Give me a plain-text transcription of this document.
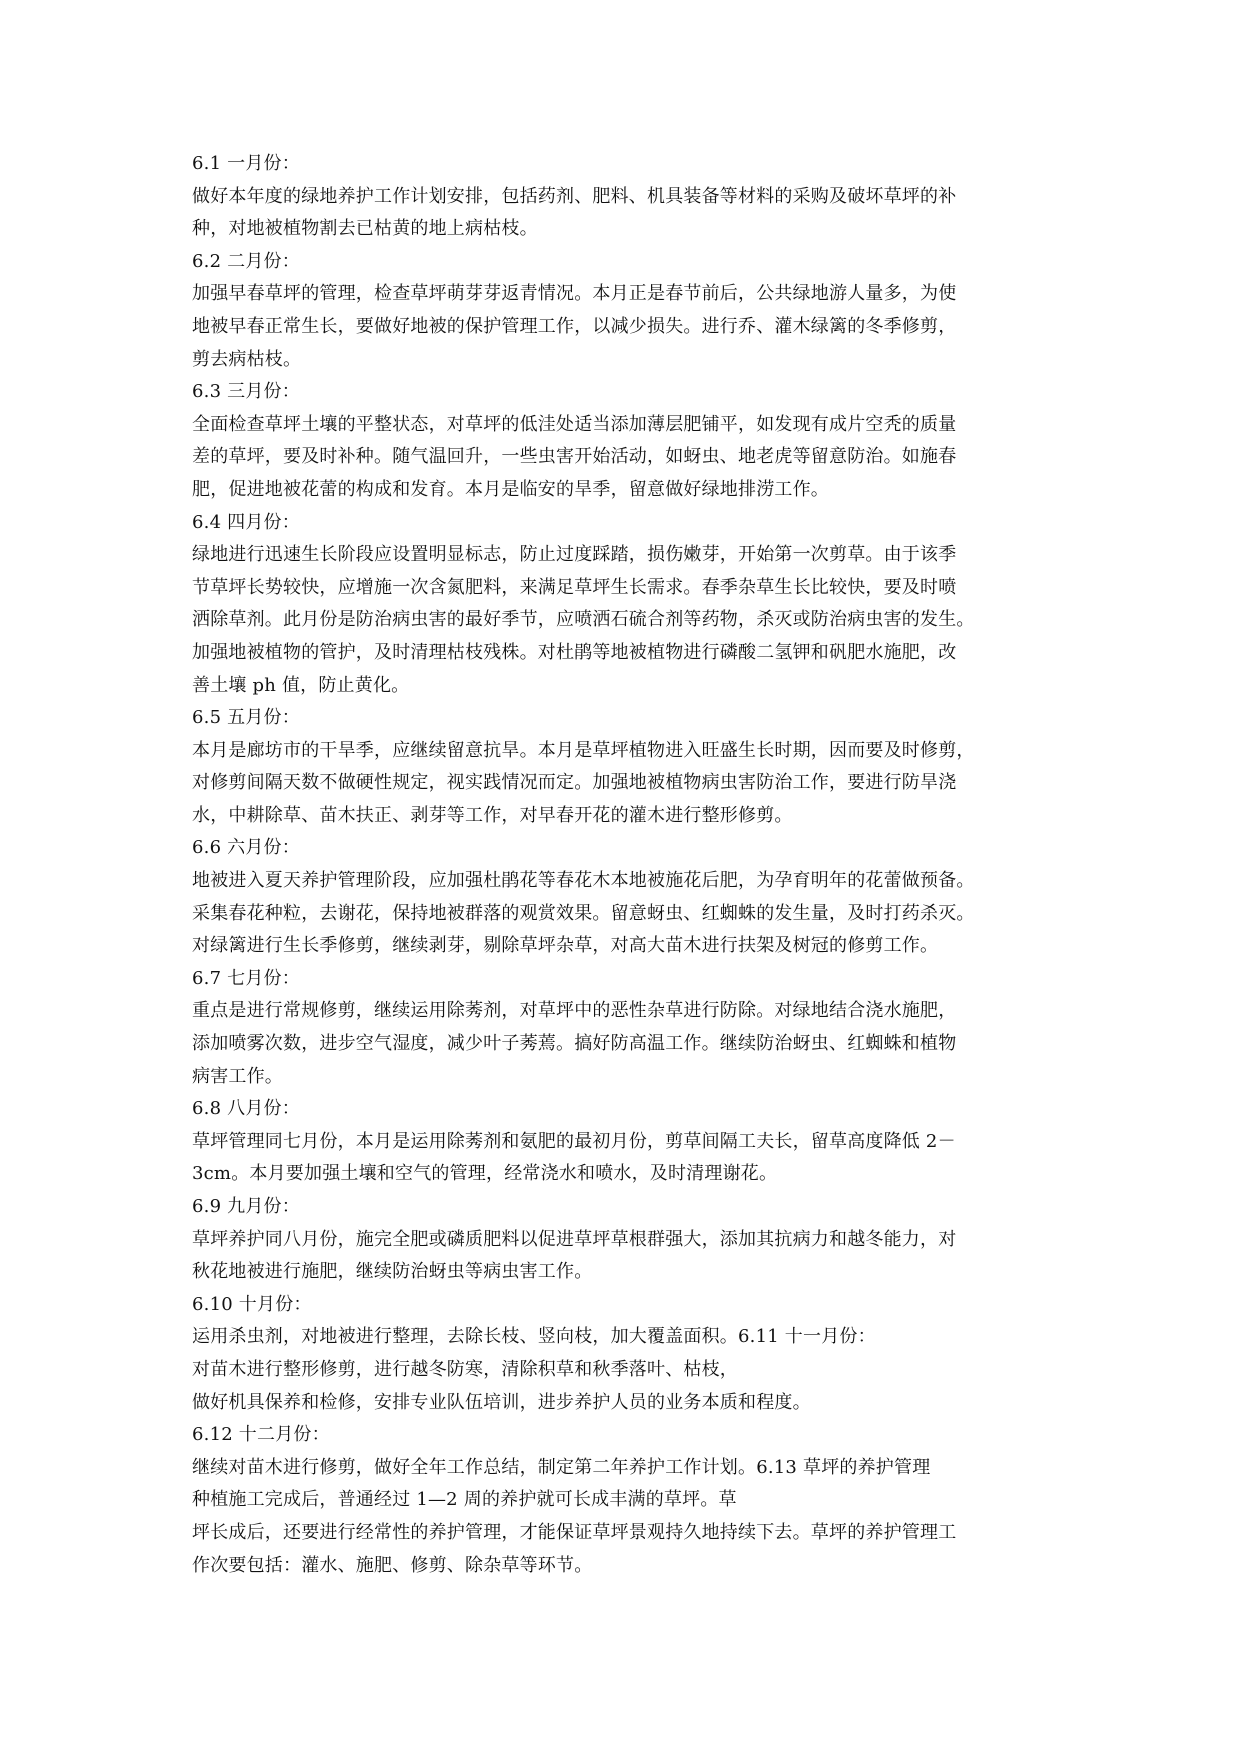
6.1 一月份：
做好本年度的绿地养护工作计划安排，包括药剂、肥料、机具装备等材料的采购及破坏草坪的补
种，对地被植物割去已枯黄的地上病枯枝。
6.2 二月份：
加强早春草坪的管理，检查草坪萌芽芽返青情况。本月正是春节前后，公共绿地游人量多，为使
地被早春正常生长，要做好地被的保护管理工作，以减少损失。进行乔、灌木绿篱的冬季修剪，
剪去病枯枝。
6.3 三月份：
全面检查草坪土壤的平整状态，对草坪的低洼处适当添加薄层肥铺平，如发现有成片空秃的质量
差的草坪，要及时补种。随气温回升，一些虫害开始活动，如蚜虫、地老虎等留意防治。如施春
肥，促进地被花蕾的构成和发育。本月是临安的旱季，留意做好绿地排涝工作。
6.4 四月份：
绿地进行迅速生长阶段应设置明显标志，防止过度踩踏，损伤嫩芽，开始第一次剪草。由于该季
节草坪长势较快，应增施一次含氮肥料，来满足草坪生长需求。春季杂草生长比较快，要及时喷
洒除草剂。此月份是防治病虫害的最好季节，应喷洒石硫合剂等药物，杀灭或防治病虫害的发生。
加强地被植物的管护，及时清理枯枝残株。对杜鹃等地被植物进行磷酸二氢钾和矾肥水施肥，改
善土壤 ph 值，防止黄化。
6.5 五月份：
本月是廊坊市的干旱季，应继续留意抗旱。本月是草坪植物进入旺盛生长时期，因而要及时修剪，
对修剪间隔天数不做硬性规定，视实践情况而定。加强地被植物病虫害防治工作，要进行防旱浇
水，中耕除草、苗木扶正、剥芽等工作，对早春开花的灌木进行整形修剪。
6.6 六月份：
地被进入夏天养护管理阶段，应加强杜鹃花等春花木本地被施花后肥，为孕育明年的花蕾做预备。
采集春花种粒，去谢花，保持地被群落的观赏效果。留意蚜虫、红蜘蛛的发生量，及时打药杀灭。
对绿篱进行生长季修剪，继续剥芽，剔除草坪杂草，对高大苗木进行扶架及树冠的修剪工作。
6.7 七月份：
重点是进行常规修剪，继续运用除莠剂，对草坪中的恶性杂草进行防除。对绿地结合浇水施肥，
添加喷雾次数，进步空气湿度，减少叶子莠蔫。搞好防高温工作。继续防治蚜虫、红蜘蛛和植物
病害工作。
6.8 八月份：
草坪管理同七月份，本月是运用除莠剂和氨肥的最初月份，剪草间隔工夫长，留草高度降低 2－
3cm。本月要加强土壤和空气的管理，经常浇水和喷水，及时清理谢花。
6.9 九月份：
草坪养护同八月份，施完全肥或磷质肥料以促进草坪草根群强大，添加其抗病力和越冬能力，对
秋花地被进行施肥，继续防治蚜虫等病虫害工作。
6.10 十月份：
运用杀虫剂，对地被进行整理，去除长枝、竖向枝，加大覆盖面积。6.11 十一月份：
对苗木进行整形修剪，进行越冬防寒，清除积草和秋季落叶、枯枝，
做好机具保养和检修，安排专业队伍培训，进步养护人员的业务本质和程度。
6.12 十二月份：
继续对苗木进行修剪，做好全年工作总结，制定第二年养护工作计划。6.13 草坪的养护管理
种植施工完成后，普通经过 1—2 周的养护就可长成丰满的草坪。草
坪长成后，还要进行经常性的养护管理，才能保证草坪景观持久地持续下去。草坪的养护管理工
作次要包括：灌水、施肥、修剪、除杂草等环节。
